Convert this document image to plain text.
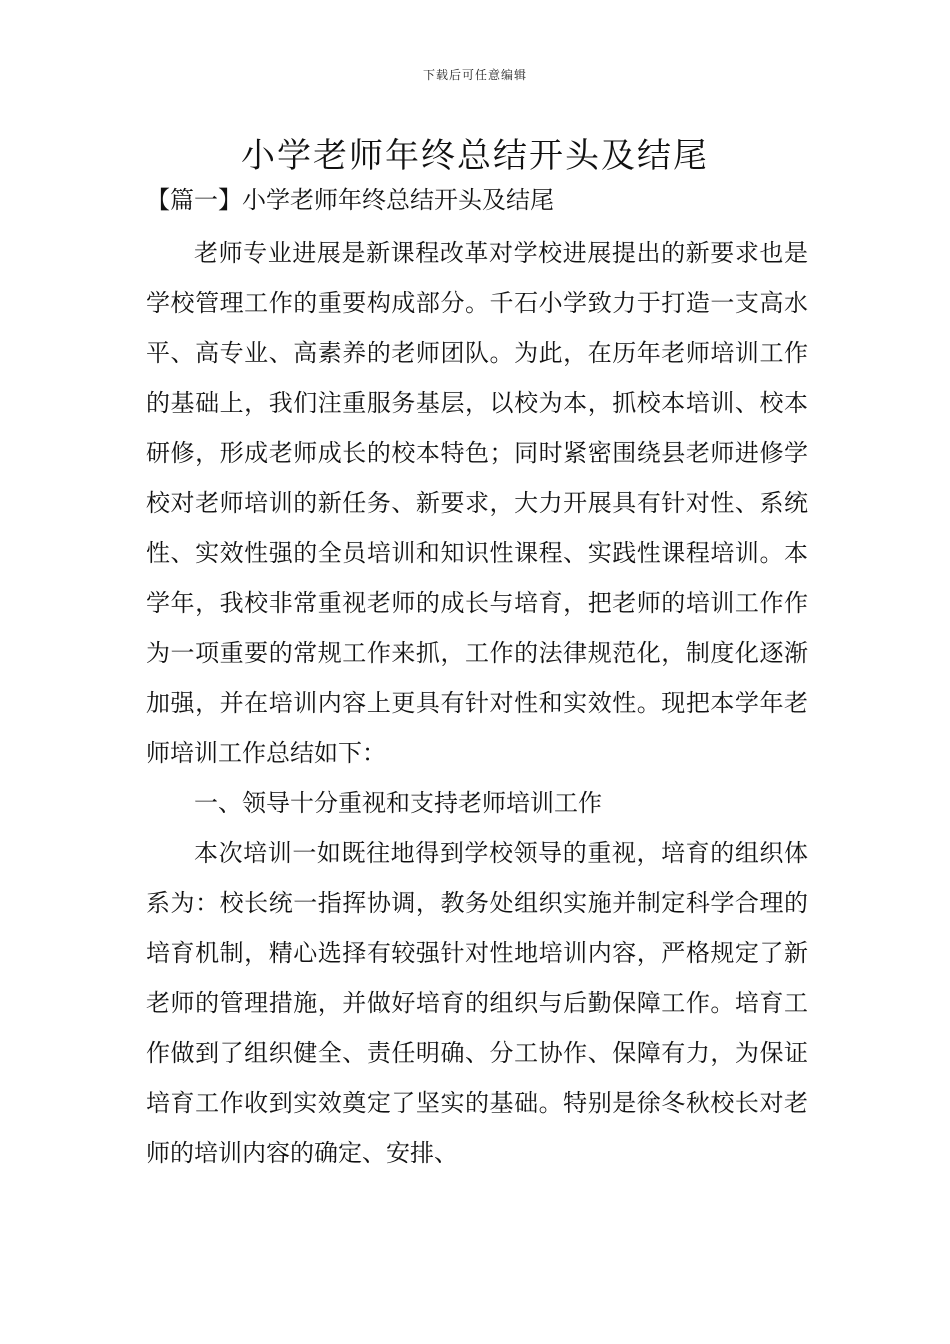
下载后可任意编辑
小学老师年终总结开头及结尾
【篇一】小学老师年终总结开头及结尾

老师专业进展是新课程改革对学校进展提出的新要求也是学校管理工作的重要构成部分。千石小学致力于打造一支高水平、高专业、高素养的老师团队。为此，在历年老师培训工作的基础上，我们注重服务基层，以校为本，抓校本培训、校本研修，形成老师成长的校本特色；同时紧密围绕县老师进修学校对老师培训的新任务、新要求，大力开展具有针对性、系统性、实效性强的全员培训和知识性课程、实践性课程培训。本学年，我校非常重视老师的成长与培育，把老师的培训工作作为一项重要的常规工作来抓，工作的法律规范化，制度化逐渐加强，并在培训内容上更具有针对性和实效性。现把本学年老师培训工作总结如下：

一、领导十分重视和支持老师培训工作

本次培训一如既往地得到学校领导的重视，培育的组织体系为：校长统一指挥协调，教务处组织实施并制定科学合理的培育机制，精心选择有较强针对性地培训内容，严格规定了新老师的管理措施，并做好培育的组织与后勤保障工作。培育工作做到了组织健全、责任明确、分工协作、保障有力，为保证培育工作收到实效奠定了坚实的基础。特别是徐冬秋校长对老师的培训内容的确定、安排、
